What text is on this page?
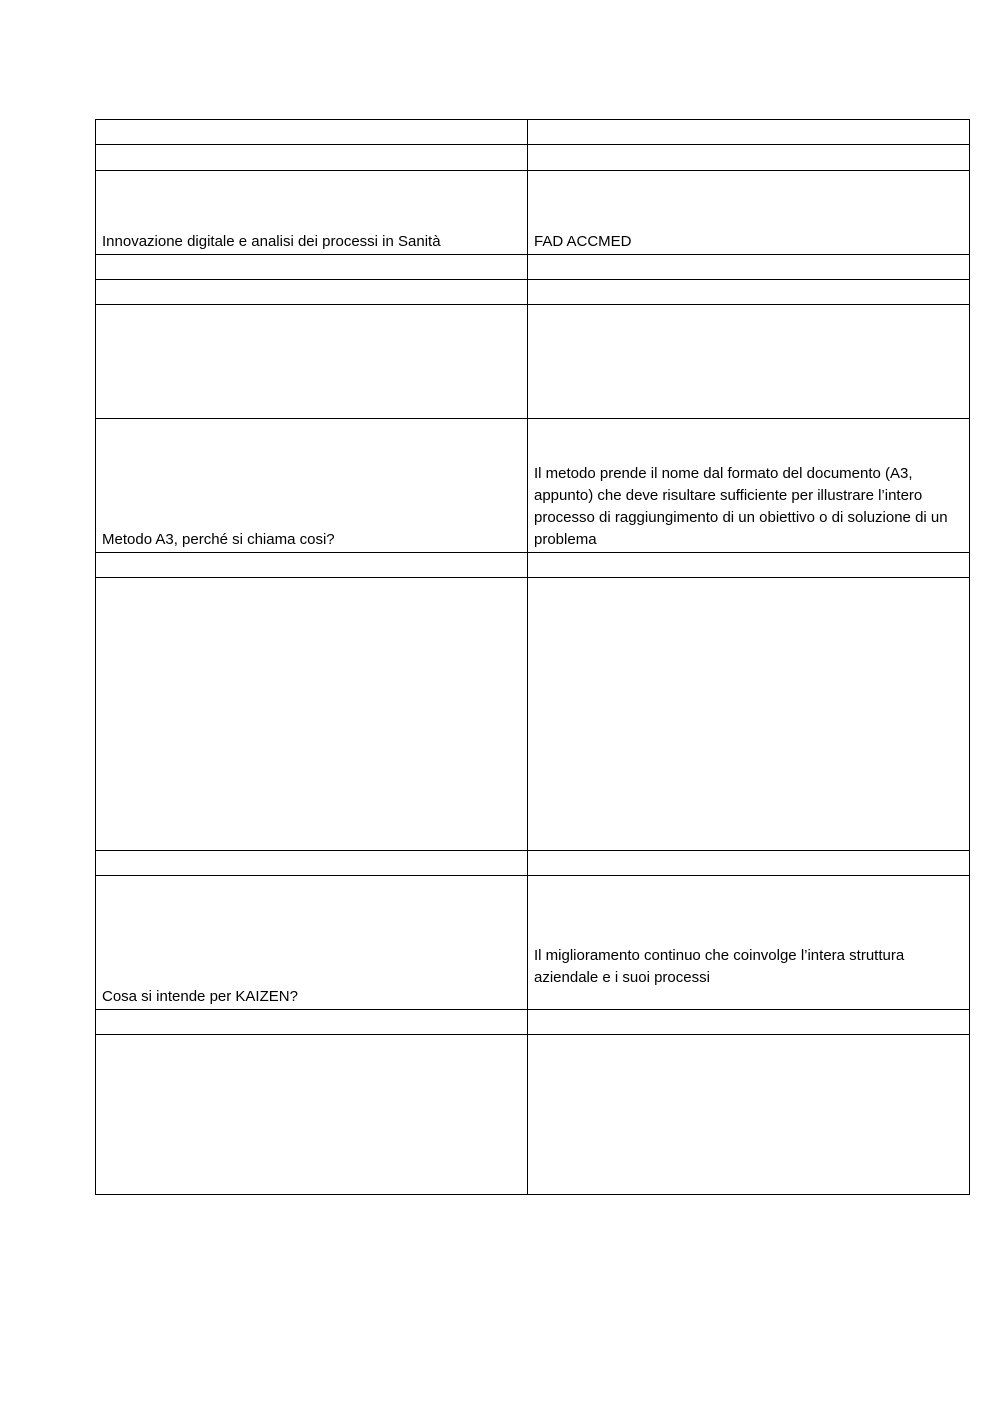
Innovazione digitale e analisi dei processi in Sanità	FAD ACCMED

Metodo A3, perché si chiama cosi?	Il metodo prende il nome dal formato del documento (A3, appunto) che deve risultare sufficiente per illustrare l’intero processo di raggiungimento di un obiettivo o di soluzione di un problema

Cosa si intende per KAIZEN?	Il miglioramento continuo che coinvolge l’intera struttura aziendale e i suoi processi
